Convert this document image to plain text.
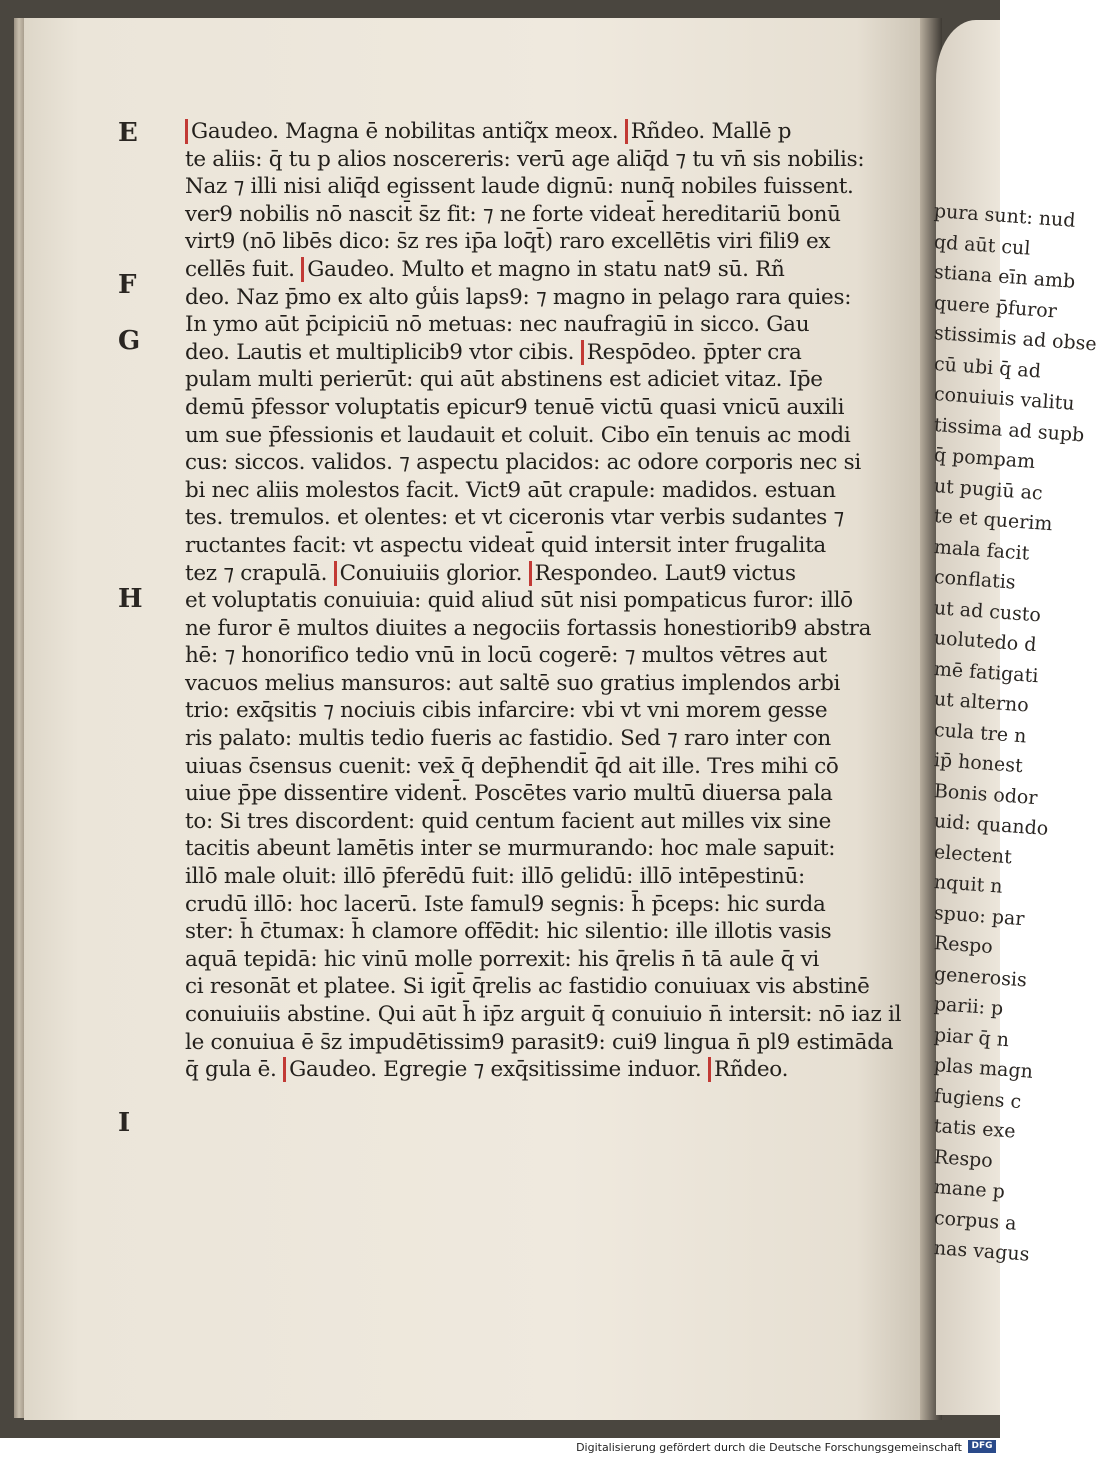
pura sunt: nud
qd aūt cul
stiana eīn amb
quere p̄furor
stissimis ad obse
cū ubi q̄ ad
conuiuis valitu
tissima ad supb
q̄ pompam
ut pugiū ac
te et querim
mala facit
conflatis
ut ad custo
uolutedo d
mē fatigati
ut alterno
cula tre n
ip̄ honest
Bonis odor
uid: quando
electent
nquit n
spuo: par
Respo
generosis
parii: p
piar q̄ n
plas magn
fugiens c
tatis exe
Respo
mane p
corpus a
nas vagus
E
F
G
H
I
Gaudeo. Magna ē nobilitas antiq̃x meox. Rñdeo. Mallē p
te aliis: q̄ tu p alios noscereris: verū age aliq̄d ⁊ tu vn̄ sis nobilis:
Naz ⁊ illi nisi aliq̄d egissent laude dignū: nunq̄ nobiles fuissent.
ver9 nobilis nō nascit̄ s̄z fit: ⁊ ne forte videat̄ hereditariū bonū
virt9 (nō libēs dico: s̄z res ip̄a loq̄t̄) raro excellētis viri fili9 ex
cellēs fuit. Gaudeo. Multo et magno in statu nat9 sū. Rñ
deo. Naz p̄mo ex alto gu̾is laps9: ⁊ magno in pelago rara quies:
In ymo aūt p̄cipiciū nō metuas: nec naufragiū in sicco. Gau
deo. Lautis et multiplicib9 vtor cibis. Respōdeo. p̄pter cra
pulam multi perierūt: qui aūt abstinens est adiciet vitaz. Ip̄e
demū p̄fessor voluptatis epicur9 tenuē victū quasi vnicū auxili
um sue p̄fessionis et laudauit et coluit. Cibo eīn tenuis ac modi
cus: siccos. validos. ⁊ aspectu placidos: ac odore corporis nec si
bi nec aliis molestos facit. Vict9 aūt crapule: madidos. estuan
tes. tremulos. et olentes: et vt ciceronis vtar verbis sudantes ⁊
ructantes facit: vt aspectu videat̄ quid intersit inter frugalita
tez ⁊ crapulā. Conuiuiis glorior. Respondeo. Laut9 victus
et voluptatis conuiuia: quid aliud sūt nisi pompaticus furor: illō
ne furor ē multos diuites a negociis fortassis honestiorib9 abstra
hē: ⁊ honorifico tedio vnū in locū cogerē: ⁊ multos vētres aut
vacuos melius mansuros: aut saltē suo gratius implendos arbi
trio: exq̄sitis ⁊ nociuis cibis infarcire: vbi vt vni morem gesse
ris palato: multis tedio fueris ac fastidio. Sed ⁊ raro inter con
uiuas c̄sensus cuenit: vex̄ q̄ dep̄hendit̄ q̄d ait ille. Tres mihi cō
uiue p̄pe dissentire vident̄. Poscētes vario multū diuersa pala
to: Si tres discordent: quid centum facient aut milles vix sine
tacitis abeunt lamētis inter se murmurando: hoc male sapuit:
illō male oluit: illō p̄ferēdū fuit: illō gelidū: illō intēpestinū:
crudū illō: hoc lacerū. Iste famul9 segnis: h̄ p̄ceps: hic surda
ster: h̄ c̄tumax: h̄ clamore offēdit: hic silentio: ille illotis vasis
aquā tepidā: hic vinū molle porrexit: his q̄relis n̄ tā aule q̄ vi
ci resonāt et platee. Si igit̄ q̄relis ac fastidio conuiuax vis abstinē
conuiuiis abstine. Qui aūt h̄ ip̄z arguit q̄ conuiuio n̄ intersit: nō iaz il
le conuiua ē s̄z impudētissim9 parasit9: cui9 lingua n̄ pl9 estimāda
q̄ gula ē. Gaudeo. Egregie ⁊ exq̄sitissime induor. Rñdeo.
Digitalisierung gefördert durch die Deutsche Forschungsgemeinschaft	DFG
